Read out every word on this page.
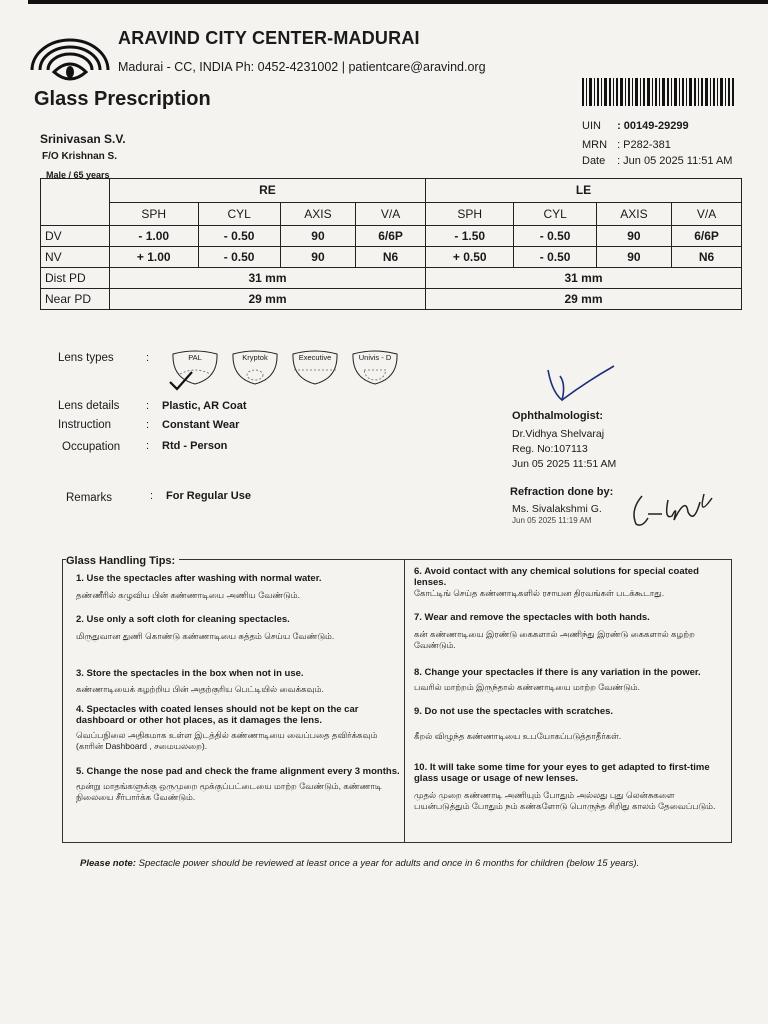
ARAVIND CITY CENTER-MADURAI
Madurai - CC, INDIA Ph: 0452-4231002 | patientcare@aravind.org
Glass Prescription
Srinivasan S.V.
F/O Krishnan S.
Male / 65 years
UIN : 00149-29299
MRN : P282-381
Date : Jun 05 2025 11:51 AM
	RE				LE			
	SPH	CYL	AXIS	V/A	SPH	CYL	AXIS	V/A
DV	- 1.00	- 0.50	90	6/6P	- 1.50	- 0.50	90	6/6P
NV	+ 1.00	- 0.50	90	N6	+ 0.50	- 0.50	90	N6
Dist PD	31 mm				31 mm			
Near PD	29 mm				29 mm			
Lens types	:	PAL	Kryptok	Executive	Univis - D
Lens details : Plastic, AR Coat
Instruction	: Constant Wear
Occupation : Rtd - Person
Remarks	: For Regular Use
Ophthalmologist:
Dr.Vidhya Shelvaraj
Reg. No:107113
Jun 05 2025 11:51 AM
Refraction done by:
Ms. Sivalakshmi G.
Jun 05 2025 11:19 AM
Glass Handling Tips:
1. Use the spectacles after washing with normal water.
தண்ணீரில் கழுவிய பின் கண்ணாடியை அணிய வேண்டும்.
2. Use only a soft cloth for cleaning spectacles.
மிருதுவான துணி கொண்டு கண்ணாடியை சுத்தம் செய்ய வேண்டும்.
3. Store the spectacles in the box when not in use.
கண்ணாடியைக் கழற்றிய பின் அதற்குரிய பெட்டியில் வைக்கவும்.
4. Spectacles with coated lenses should not be kept on the car dashboard or other hot places, as it damages the lens.
வெப்பநிலை அதிகமாக உள்ள இடத்தில் கண்ணாடியை வைப்பதை தவிர்க்கவும் (காரின் Dashboard , சமையலறை).
5. Change the nose pad and check the frame alignment every 3 months.
மூன்று மாதங்களுக்கு ஒருமுறை மூக்குப்பட்டையை மாற்ற வேண்டும், கண்ணாடி நிலையை சீர்பார்க்க வேண்டும்.
6. Avoid contact with any chemical solutions for special coated lenses.
கோட்டிங் செய்த கண்ணாடிகளில் ரசாயன திரவங்கள் படக்கூடாது.
7. Wear and remove the spectacles with both hands.
கன் கண்ணாடியை இரண்டு கைகளால் அணிந்து இரண்டு கைகளால் கழற்ற வேண்டும்.
8. Change your spectacles if there is any variation in the power.
பவரில் மாற்றம் இருந்தால் கண்ணாடியை மாற்ற வேண்டும்.
9. Do not use the spectacles with scratches.
கீறல் விழுந்த கண்ணாடியை உபயோகப்படுத்தாதீர்கள்.
10. It will take some time for your eyes to get adapted to first-time glass usage or usage of new lenses.
முதல் முறை கண்ணாடி அணியும் போதும் அல்லது புது லென்சுகளை பயன்படுத்தும் போதும் நம் கண்களோடு பொருந்த சிறிது காலம் தேவைப்படும்.
Please note: Spectacle power should be reviewed at least once a year for adults and once in 6 months for children (below 15 years).
